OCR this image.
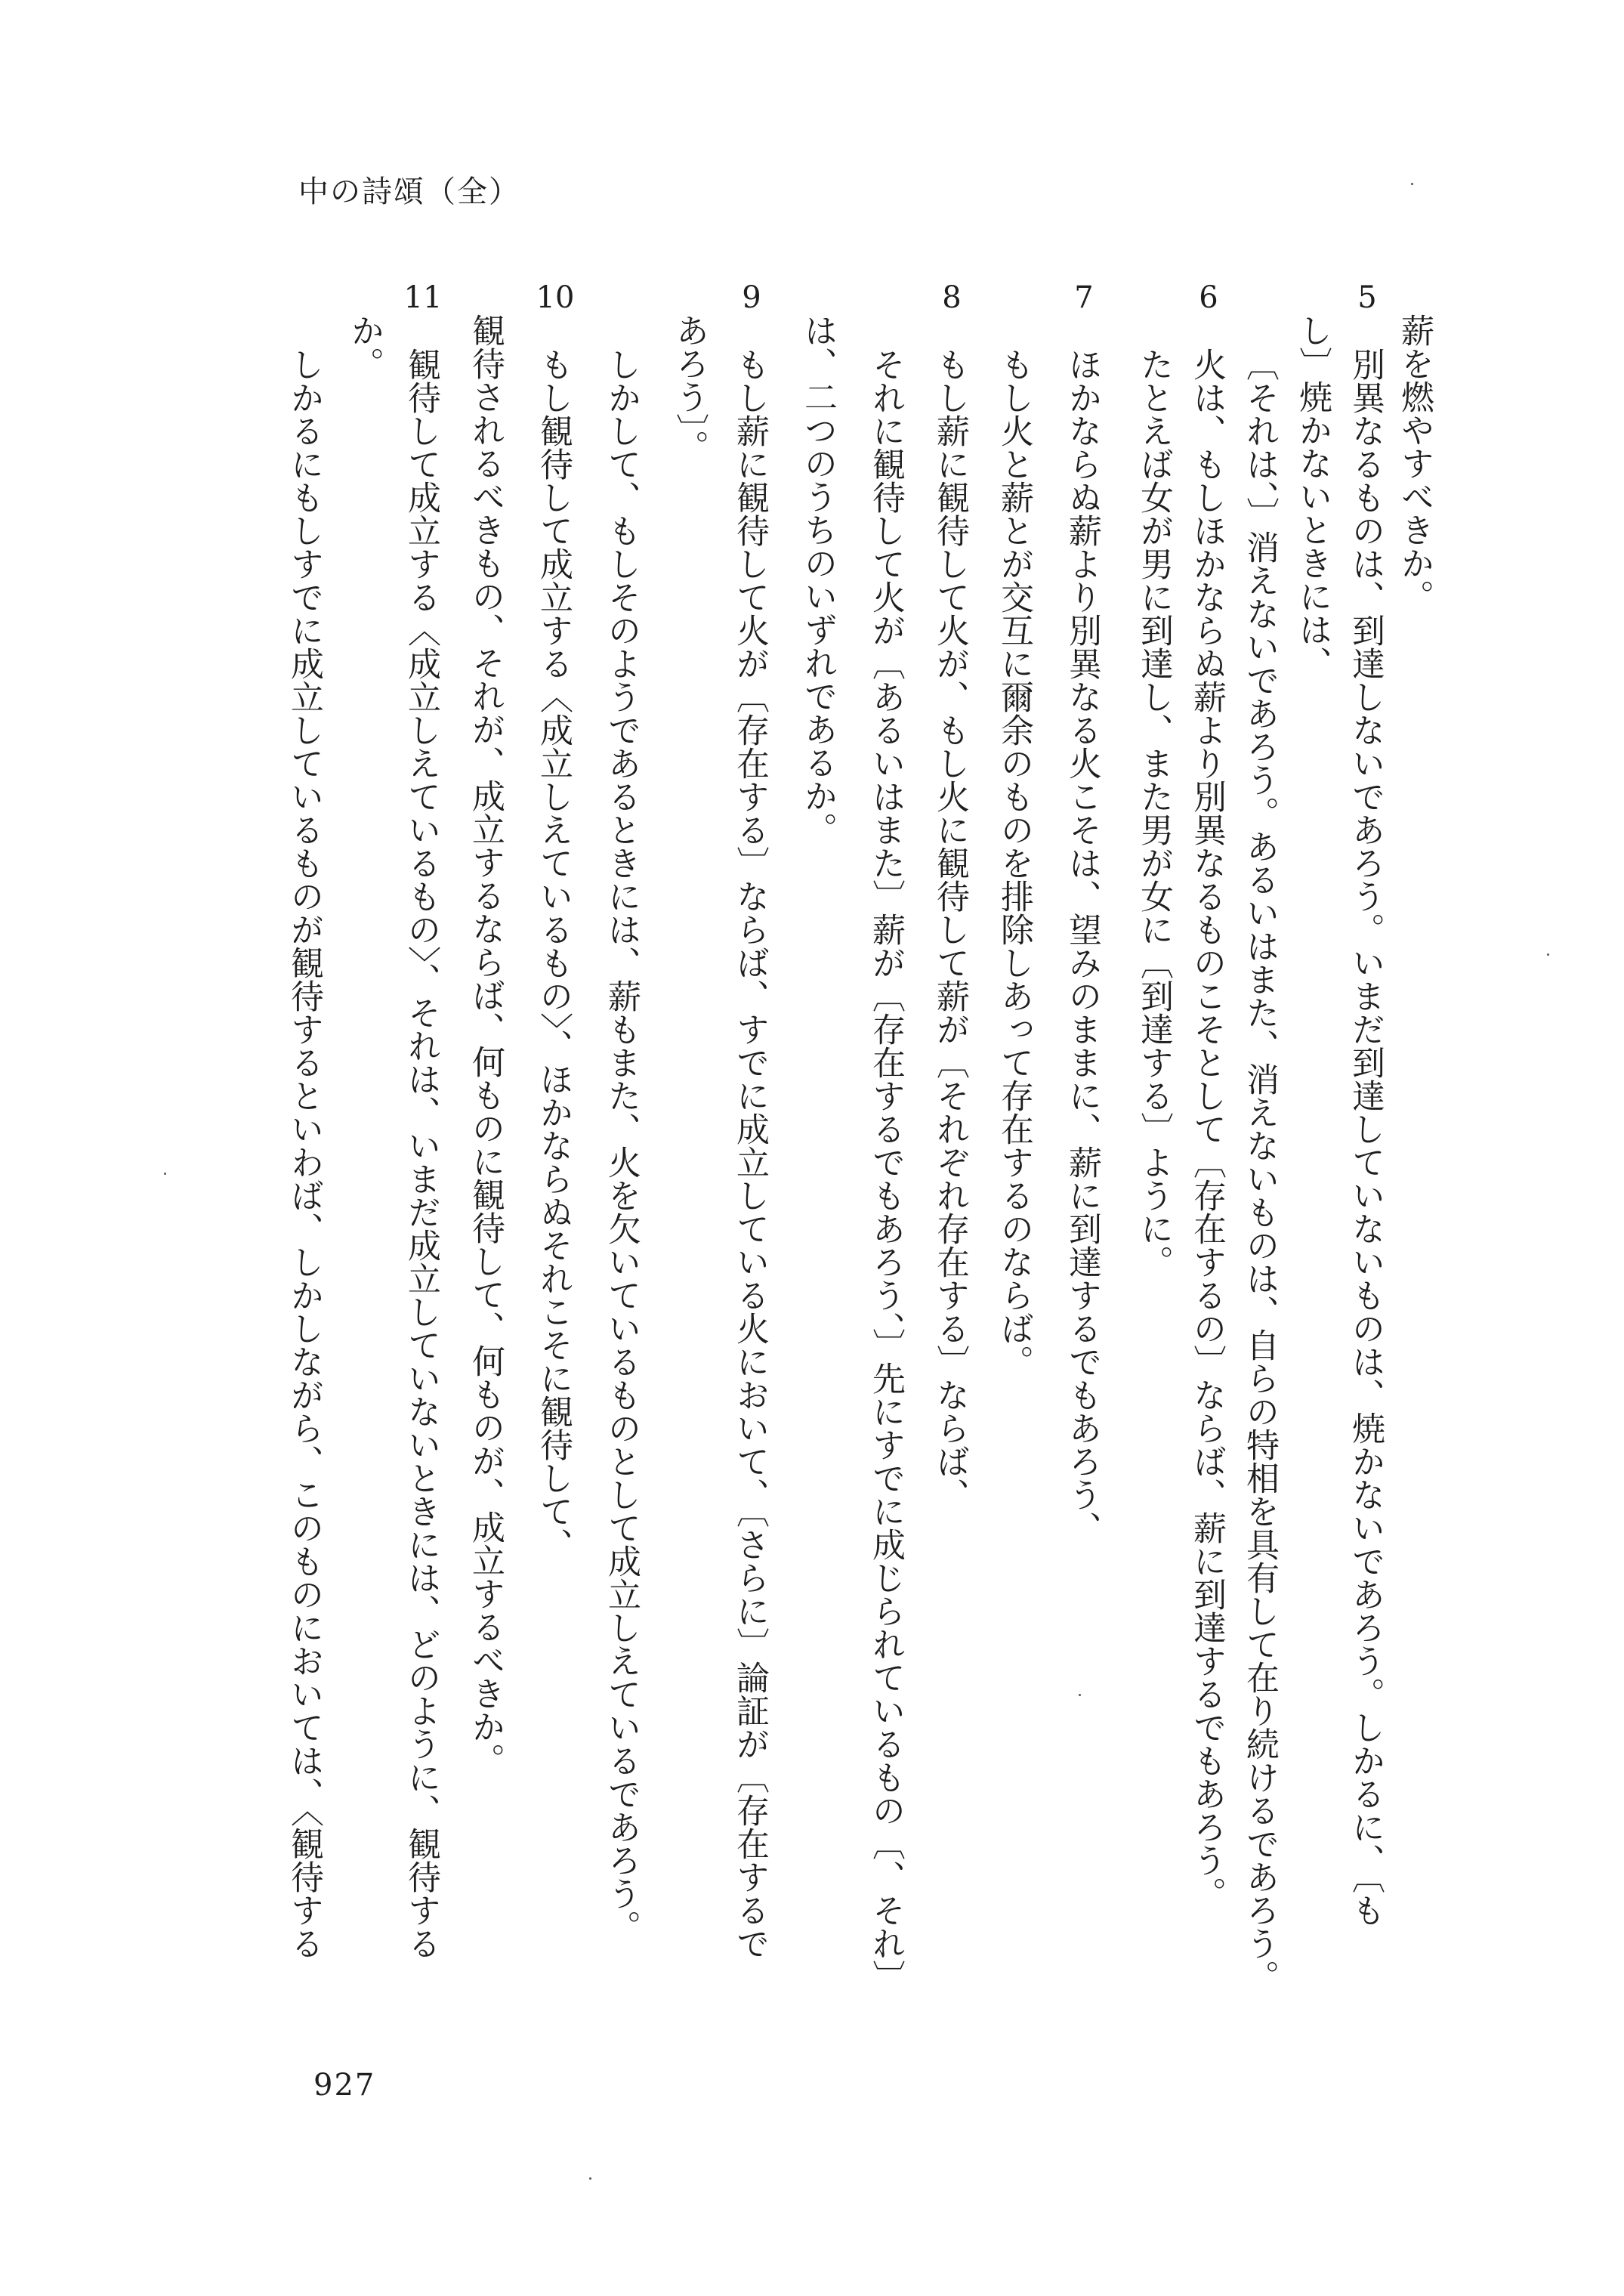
中の詩頌（全）
5
6
7
8
9
10
11
薪を燃やすべきか。
別異なるものは、到達しないであろう。いまだ到達していないものは、焼かないであろう。しかるに、〔も
し〕焼かないときには、
〔それは、〕消えないであろう。あるいはまた、消えないものは、自らの特相を具有して在り続けるであろう。
火は、もしほかならぬ薪より別異なるものこそとして〔存在するの〕ならば、薪に到達するでもあろう。
たとえば女が男に到達し、また男が女に〔到達する〕ように。
ほかならぬ薪より別異なる火こそは、望みのままに、薪に到達するでもあろう、
もし火と薪とが交互に爾余のものを排除しあって存在するのならば。
もし薪に観待して火が、もし火に観待して薪が〔それぞれ存在する〕ならば、
それに観待して火が〔あるいはまた〕薪が〔存在するでもあろう、〕先にすでに成じられているもの〔、それ〕
は、二つのうちのいずれであるか。
もし薪に観待して火が〔存在する〕ならば、すでに成立している火において、〔さらに〕論証が〔存在するで
あろう〕。
しかして、もしそのようであるときには、薪もまた、火を欠いているものとして成立しえているであろう。
もし観待して成立する〈成立しえているもの〉、ほかならぬそれこそに観待して、
観待されるべきもの、それが、成立するならば、何ものに観待して、何ものが、成立するべきか。
観待して成立する〈成立しえているもの〉、それは、いまだ成立していないときには、どのように、観待する
か。
しかるにもしすでに成立しているものが観待するといわば、しかしながら、このものにおいては、〈観待する
927
